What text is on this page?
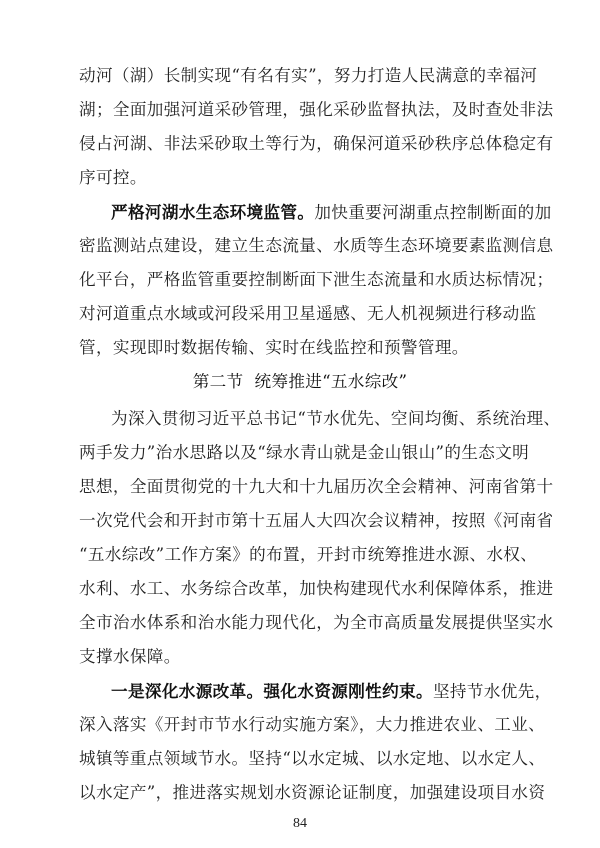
动河（湖）长制实现“有名有实”，努力打造人民满意的幸福河
湖；全面加强河道采砂管理，强化采砂监督执法，及时查处非法
侵占河湖、非法采砂取土等行为，确保河道采砂秩序总体稳定有
序可控。
严格河湖水生态环境监管。加快重要河湖重点控制断面的加
密监测站点建设，建立生态流量、水质等生态环境要素监测信息
化平台，严格监管重要控制断面下泄生态流量和水质达标情况；
对河道重点水域或河段采用卫星遥感、无人机视频进行移动监
管，实现即时数据传输、实时在线监控和预警管理。
第二节  统筹推进“五水综改”
为深入贯彻习近平总书记“节水优先、空间均衡、系统治理、
两手发力”治水思路以及“绿水青山就是金山银山”的生态文明
思想，全面贯彻党的十九大和十九届历次全会精神、河南省第十
一次党代会和开封市第十五届人大四次会议精神，按照《河南省
“五水综改”工作方案》的布置，开封市统筹推进水源、水权、
水利、水工、水务综合改革，加快构建现代水利保障体系，推进
全市治水体系和治水能力现代化，为全市高质量发展提供坚实水
支撑水保障。
一是深化水源改革。强化水资源刚性约束。坚持节水优先，
深入落实《开封市节水行动实施方案》，大力推进农业、工业、
城镇等重点领域节水。坚持“以水定城、以水定地、以水定人、
以水定产”，推进落实规划水资源论证制度，加强建设项目水资
84
